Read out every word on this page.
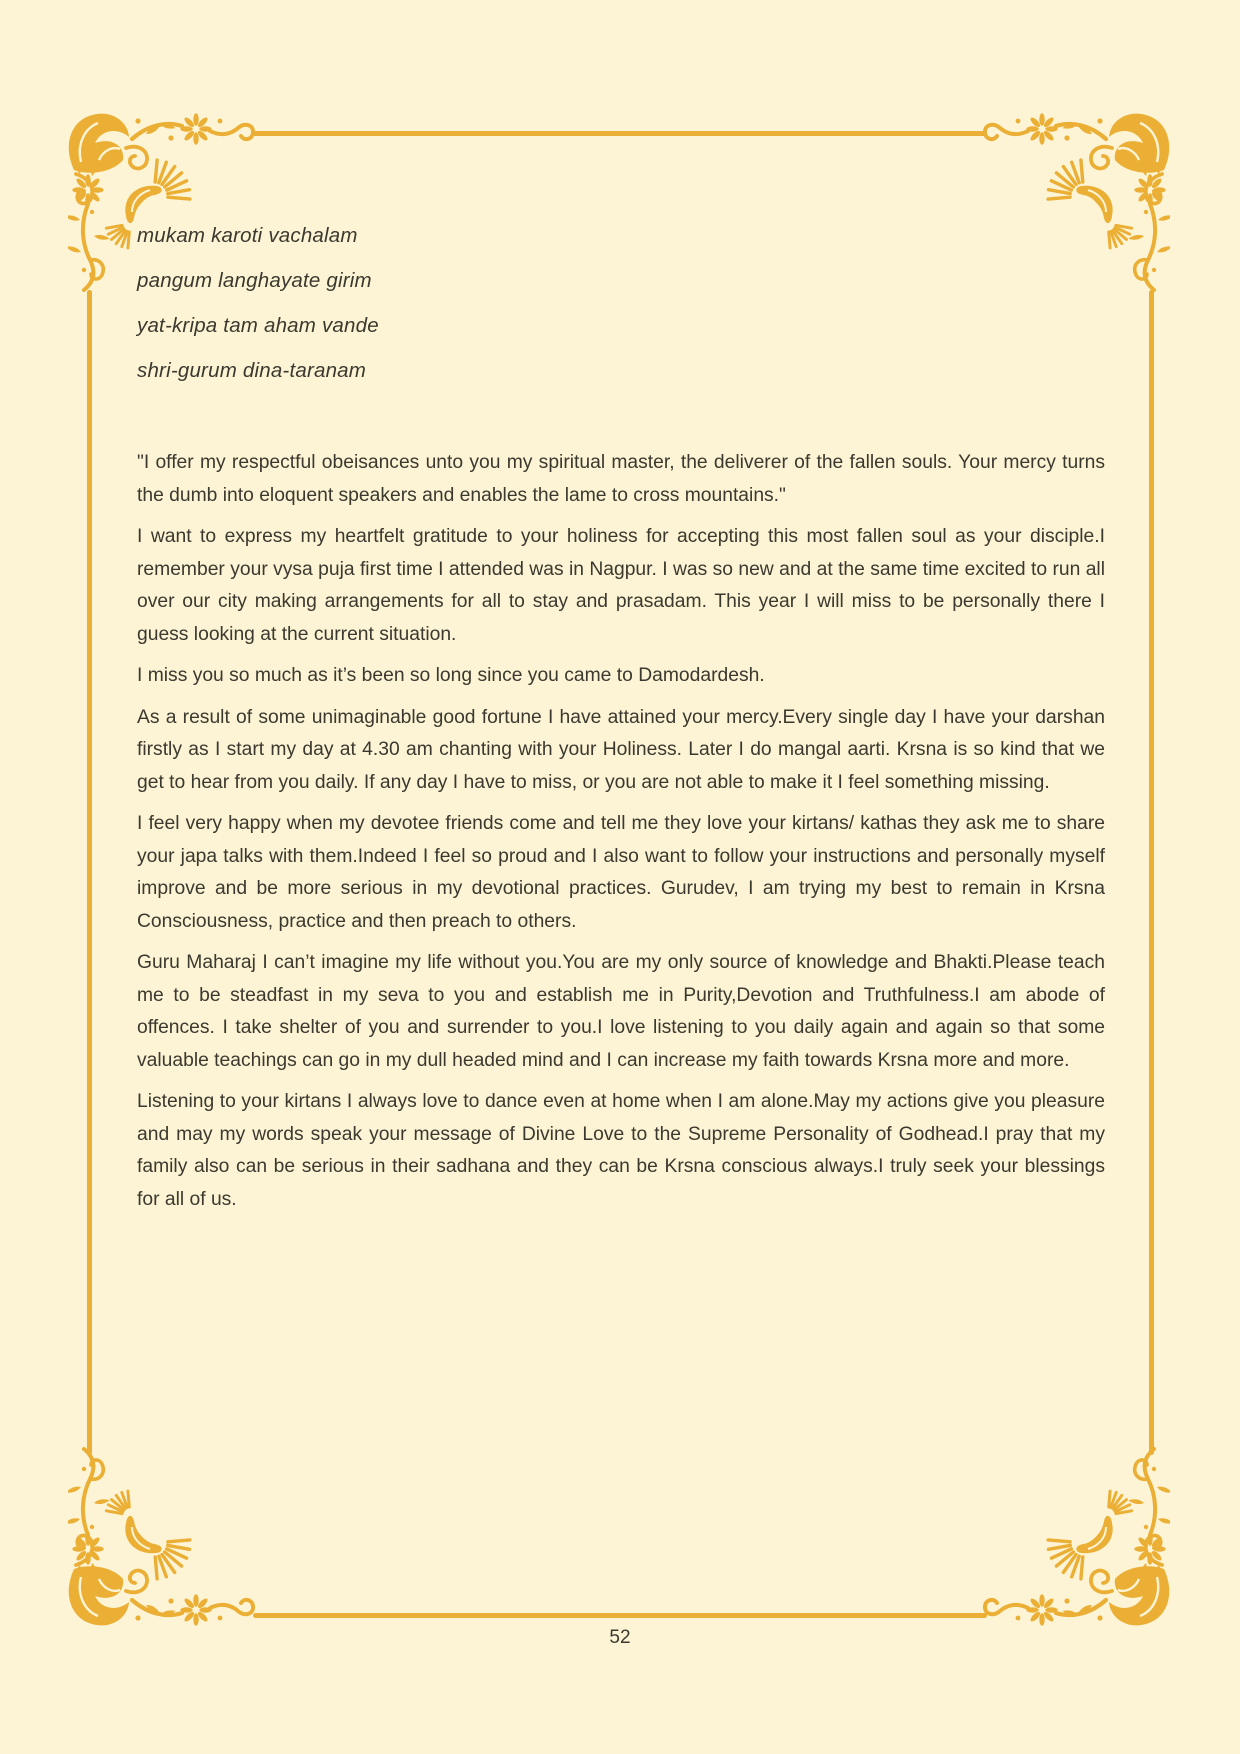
mukam karoti vachalam

pangum langhayate girim

yat-kripa tam aham vande

shri-gurum dina-taranam

"I offer my respectful obeisances unto you my spiritual master, the deliverer of the fallen souls. Your mercy turns the dumb into eloquent speakers and enables the lame to cross mountains."

I want to express my heartfelt gratitude to your holiness for accepting this most fallen soul as your disciple.I remember your vysa puja first time I attended was in Nagpur. I was so new and at the same time excited to run all over our city making arrangements for all to stay and prasadam. This year I will miss to be personally there I guess looking at the current situation.

I miss you so much as it’s been so long since you came to Damodardesh.

As a result of some unimaginable good fortune I have attained your mercy.Every single day I have your darshan firstly as I start my day at 4.30 am chanting with your Holiness. Later I do mangal aarti. Krsna is so kind that we get to hear from you daily. If any day I have to miss, or you are not able to make it I feel something missing.

I feel very happy when my devotee friends come and tell me they love your kirtans/ kathas they ask me to share your japa talks with them.Indeed I feel so proud and I also want to follow your instructions and personally myself improve and be more serious in my devotional practices. Gurudev, I am trying my best to remain in Krsna Consciousness, practice and then preach to others.

Guru Maharaj I can’t imagine my life without you.You are my only source of knowledge and Bhakti.Please teach me to be steadfast in my seva to you and establish me in Purity,Devotion and Truthfulness.I am abode of offences. I take shelter of you and surrender to you.I love listening to you daily again and again so that some valuable teachings can go in my dull headed mind and I can increase my faith towards Krsna more and more.

Listening to your kirtans I always love to dance even at home when I am alone.May my actions give you pleasure and may my words speak your message of Divine Love to the Supreme Personality of Godhead.I pray that my family also can be serious in their sadhana and they can be Krsna conscious always.I truly seek your blessings for all of us.

52
